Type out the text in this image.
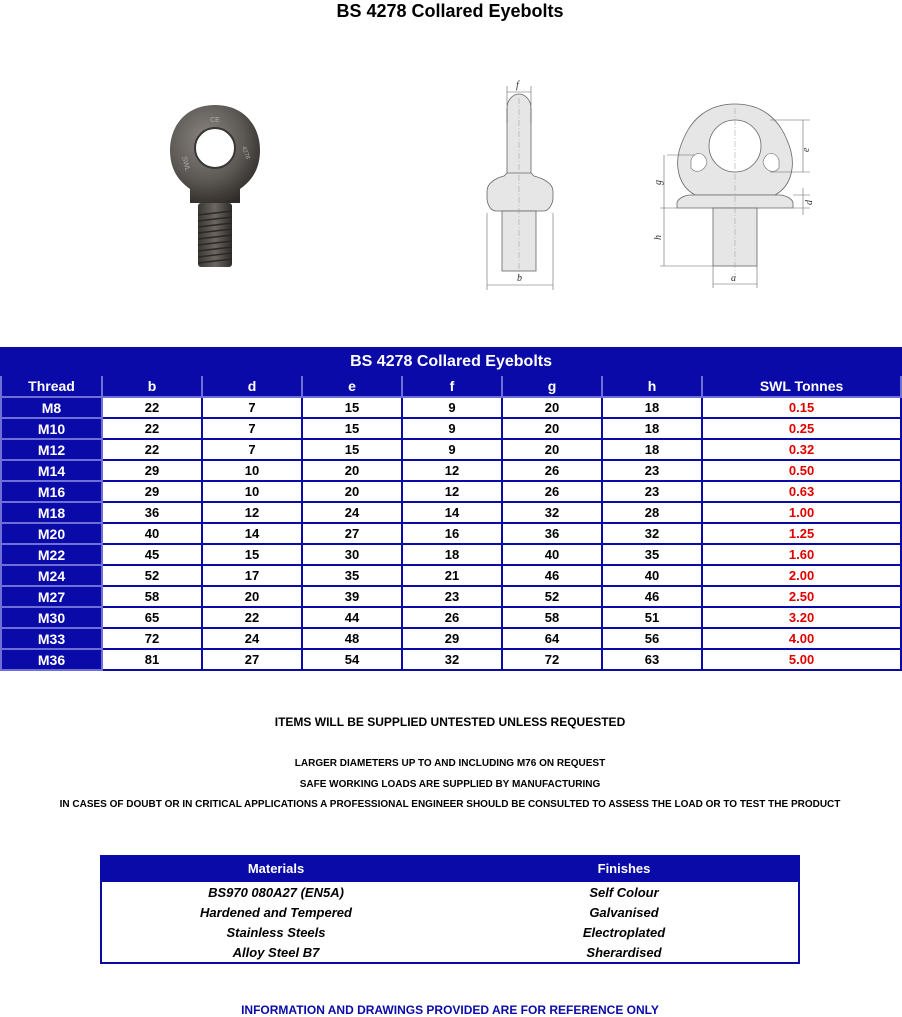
BS 4278 Collared Eyebolts
CE
SWL
4278
f
b
e
d
g
h
a
BS 4278 Collared Eyebolts							
Thread	b	d	e	f	g	h	SWL Tonnes
M8	22	7	15	9	20	18	0.15
M10	22	7	15	9	20	18	0.25
M12	22	7	15	9	20	18	0.32
M14	29	10	20	12	26	23	0.50
M16	29	10	20	12	26	23	0.63
M18	36	12	24	14	32	28	1.00
M20	40	14	27	16	36	32	1.25
M22	45	15	30	18	40	35	1.60
M24	52	17	35	21	46	40	2.00
M27	58	20	39	23	52	46	2.50
M30	65	22	44	26	58	51	3.20
M33	72	24	48	29	64	56	4.00
M36	81	27	54	32	72	63	5.00
ITEMS WILL BE SUPPLIED UNTESTED UNLESS REQUESTED
LARGER DIAMETERS UP TO AND INCLUDING M76 ON REQUEST
SAFE WORKING LOADS ARE SUPPLIED BY MANUFACTURING
IN CASES OF DOUBT OR IN CRITICAL APPLICATIONS A PROFESSIONAL ENGINEER SHOULD BE CONSULTED TO ASSESS THE LOAD OR TO TEST THE PRODUCT
Materials	Finishes
BS970 080A27 (EN5A)	Self Colour
Hardened and Tempered	Galvanised
Stainless Steels	Electroplated
Alloy Steel B7	Sherardised
INFORMATION AND DRAWINGS PROVIDED ARE FOR REFERENCE ONLY
